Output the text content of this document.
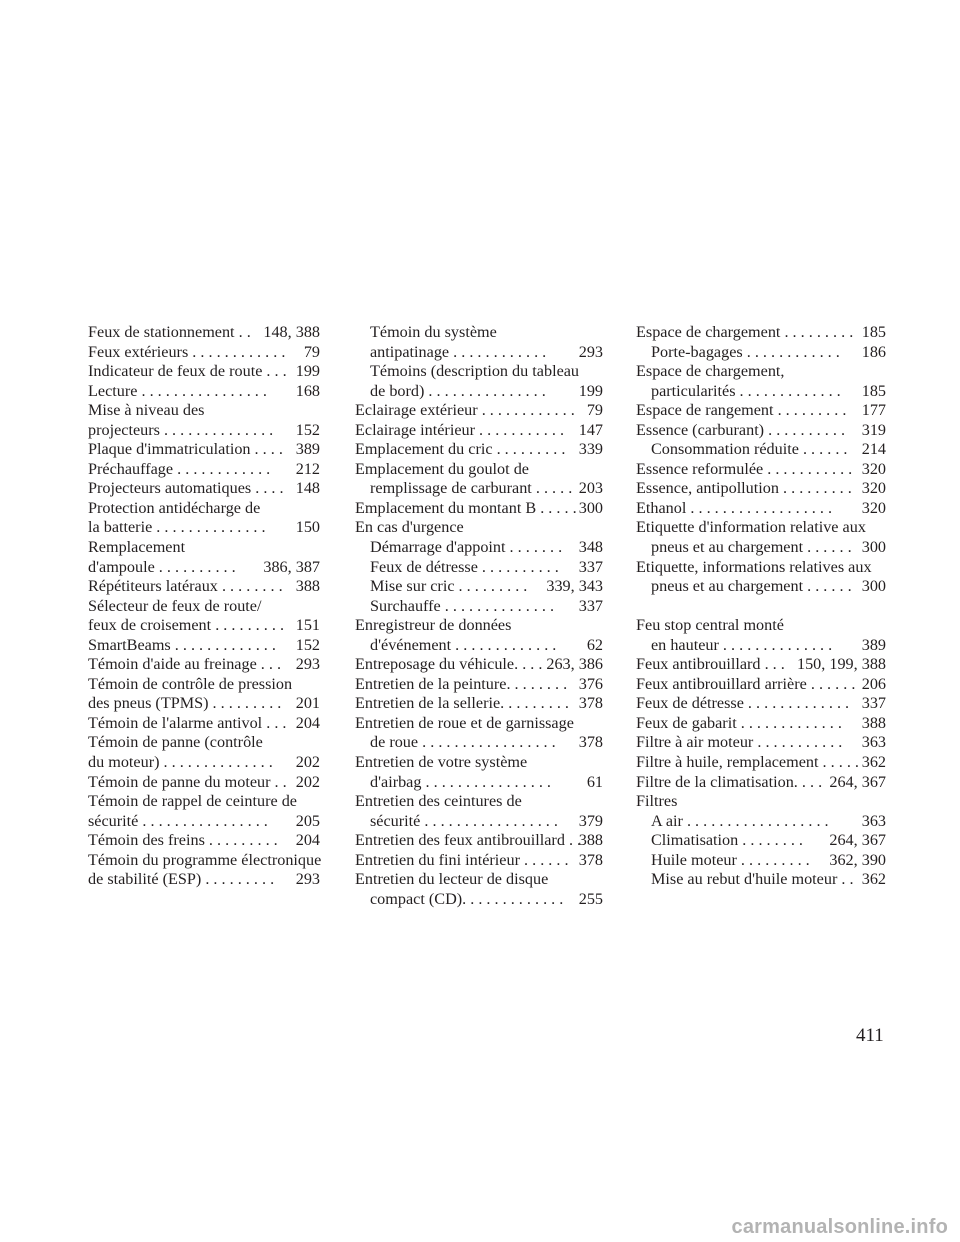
Feux de stationnement . . 148, 388
Feux extérieurs . . . . . . . . . . . . 79
Indicateur de feux de route . . . 199
Lecture . . . . . . . . . . . . . . . . 168
Mise à niveau des
projecteurs . . . . . . . . . . . . . . 152
Plaque d'immatriculation . . . . 389
Préchauffage . . . . . . . . . . . . 212
Projecteurs automatiques . . . . 148
Protection antidécharge de
la batterie . . . . . . . . . . . . . . 150
Remplacement
d'ampoule . . . . . . . . . . 386, 387
Répétiteurs latéraux . . . . . . . . 388
Sélecteur de feux de route/
feux de croisement . . . . . . . . . 151
SmartBeams . . . . . . . . . . . . . 152
Témoin d'aide au freinage . . . 293
Témoin de contrôle de pression
des pneus (TPMS) . . . . . . . . . 201
Témoin de l'alarme antivol . . . 204
Témoin de panne (contrôle
du moteur) . . . . . . . . . . . . . . 202
Témoin de panne du moteur . . 202
Témoin de rappel de ceinture de
sécurité . . . . . . . . . . . . . . . . 205
Témoin des freins . . . . . . . . . 204
Témoin du programme électronique
de stabilité (ESP) . . . . . . . . . 293
Témoin du système
antipatinage . . . . . . . . . . . . 293
Témoins (description du tableau
de bord) . . . . . . . . . . . . . . . 199
Eclairage extérieur . . . . . . . . . . . . 79
Eclairage intérieur . . . . . . . . . . . 147
Emplacement du cric . . . . . . . . . 339
Emplacement du goulot de
remplissage de carburant . . . . . 203
Emplacement du montant B . . . . . 300
En cas d'urgence
Démarrage d'appoint . . . . . . . 348
Feux de détresse . . . . . . . . . . 337
Mise sur cric . . . . . . . . . 339, 343
Surchauffe . . . . . . . . . . . . . . 337
Enregistreur de données
d'événement . . . . . . . . . . . . . 62
Entreposage du véhicule. . . . 263, 386
Entretien de la peinture. . . . . . . . 376
Entretien de la sellerie. . . . . . . . . 378
Entretien de roue et de garnissage
de roue . . . . . . . . . . . . . . . . . 378
Entretien de votre système
d'airbag . . . . . . . . . . . . . . . . 61
Entretien des ceintures de
sécurité . . . . . . . . . . . . . . . . . 379
Entretien des feux antibrouillard . .
388
Entretien du fini intérieur . . . . . . 378
Entretien du lecteur de disque
compact (CD). . . . . . . . . . . . . 255
Espace de chargement . . . . . . . . . 185
Porte-bagages . . . . . . . . . . . . 186
Espace de chargement,
particularités . . . . . . . . . . . . . 185
Espace de rangement . . . . . . . . . 177
Essence (carburant) . . . . . . . . . . 319
Consommation réduite . . . . . . 214
Essence reformulée . . . . . . . . . . . 320
Essence, antipollution . . . . . . . . . 320
Ethanol . . . . . . . . . . . . . . . . . . 320
Etiquette d'information relative aux
pneus et au chargement . . . . . . 300
Etiquette, informations relatives aux
pneus et au chargement . . . . . . 300
Feu stop central monté
en hauteur . . . . . . . . . . . . . . 389
Feux antibrouillard . . . 150, 199, 388
Feux antibrouillard arrière . . . . . . 206
Feux de détresse . . . . . . . . . . . . . 337
Feux de gabarit . . . . . . . . . . . . . 388
Filtre à air moteur . . . . . . . . . . . 363
Filtre à huile, remplacement . . . . . 362
Filtre de la climatisation. . . . 264, 367
Filtres
A air . . . . . . . . . . . . . . . . . . 363
Climatisation . . . . . . . . 264, 367
Huile moteur . . . . . . . . . 362, 390
Mise au rebut d'huile moteur . . 362
411
carmanualsonline.info
